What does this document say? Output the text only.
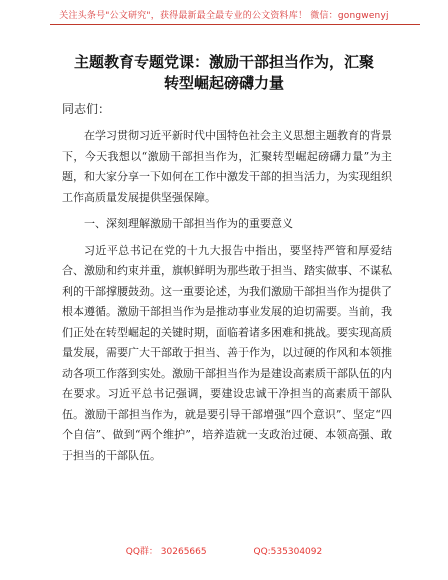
关注头条号"公文研究"，获得最新最全最专业的公文资料库！ 微信：gongwenyj
主题教育专题党课：激励干部担当作为，汇聚
转型崛起磅礴力量
同志们：

在学习贯彻习近平新时代中国特色社会主义思想主题教育的背景下，今天我想以“激励干部担当作为，汇聚转型崛起磅礴力量”为主题，和大家分享一下如何在工作中激发干部的担当活力，为实现组织工作高质量发展提供坚强保障。

一、深刻理解激励干部担当作为的重要意义

习近平总书记在党的十九大报告中指出，要坚持严管和厚爱结合、激励和约束并重，旗帜鲜明为那些敢于担当、踏实做事、不谋私利的干部撑腰鼓劲。这一重要论述，为我们激励干部担当作为提供了根本遵循。激励干部担当作为是推动事业发展的迫切需要。当前，我们正处在转型崛起的关键时期，面临着诸多困难和挑战。要实现高质量发展，需要广大干部敢于担当、善于作为，以过硬的作风和本领推动各项工作落到实处。激励干部担当作为是建设高素质干部队伍的内在要求。习近平总书记强调，要建设忠诚干净担当的高素质干部队伍。激励干部担当作为，就是要引导干部增强“四个意识”、坚定“四个自信”、做到“两个维护”，培养造就一支政治过硬、本领高强、敢于担当的干部队伍。

QQ群： 30265665	QQ:535304092
